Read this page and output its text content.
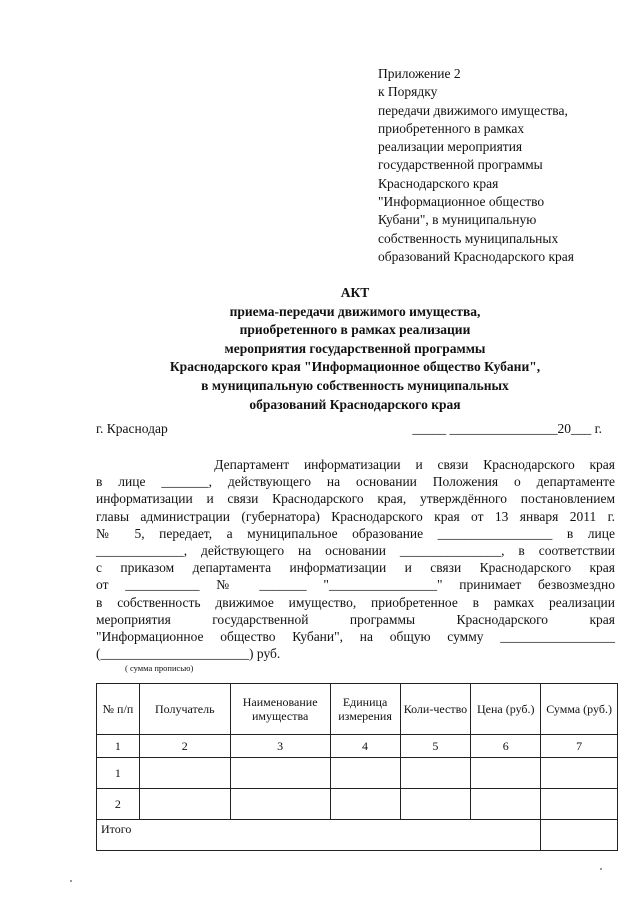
Приложение 2
к Порядку
передачи движимого имущества,
приобретенного в рамках
реализации мероприятия
государственной программы
Краснодарского края
"Информационное общество
Кубани", в муниципальную
собственность муниципальных
образований Краснодарского края
АКТ
приема-передачи движимого имущества,
приобретенного в рамках реализации
мероприятия государственной программы
Краснодарского края "Информационное общество Кубани",
в муниципальную собственность муниципальных
образований Краснодарского края
г. Краснодар	_____ ________________20___ г.
Департамент информатизации и связи Краснодарского края
в лице _______, действующего на основании Положения о департаменте
информатизации и связи Краснодарского края, утверждённого постановлением
главы администрации (губернатора) Краснодарского края от 13 января 2011 г.
№ 5, передает, а муниципальное образование _________________ в лице
_____________, действующего на основании _______________, в соответствии
с приказом департамента информатизации и связи Краснодарского края
от ___________ № _______ "________________" принимает безвозмездно
в собственность движимое имущество, приобретенное в рамках реализации
мероприятия государственной программы Краснодарского края
"Информационное общество Кубани", на общую сумму _________________
(______________________) руб.
( сумма прописью)
№ п/п	Получатель	Наименование имущества	Единица измерения	Коли-чество	Цена (руб.)	Сумма (руб.)
1	2	3	4	5	6	7
1						
2						
Итого						
